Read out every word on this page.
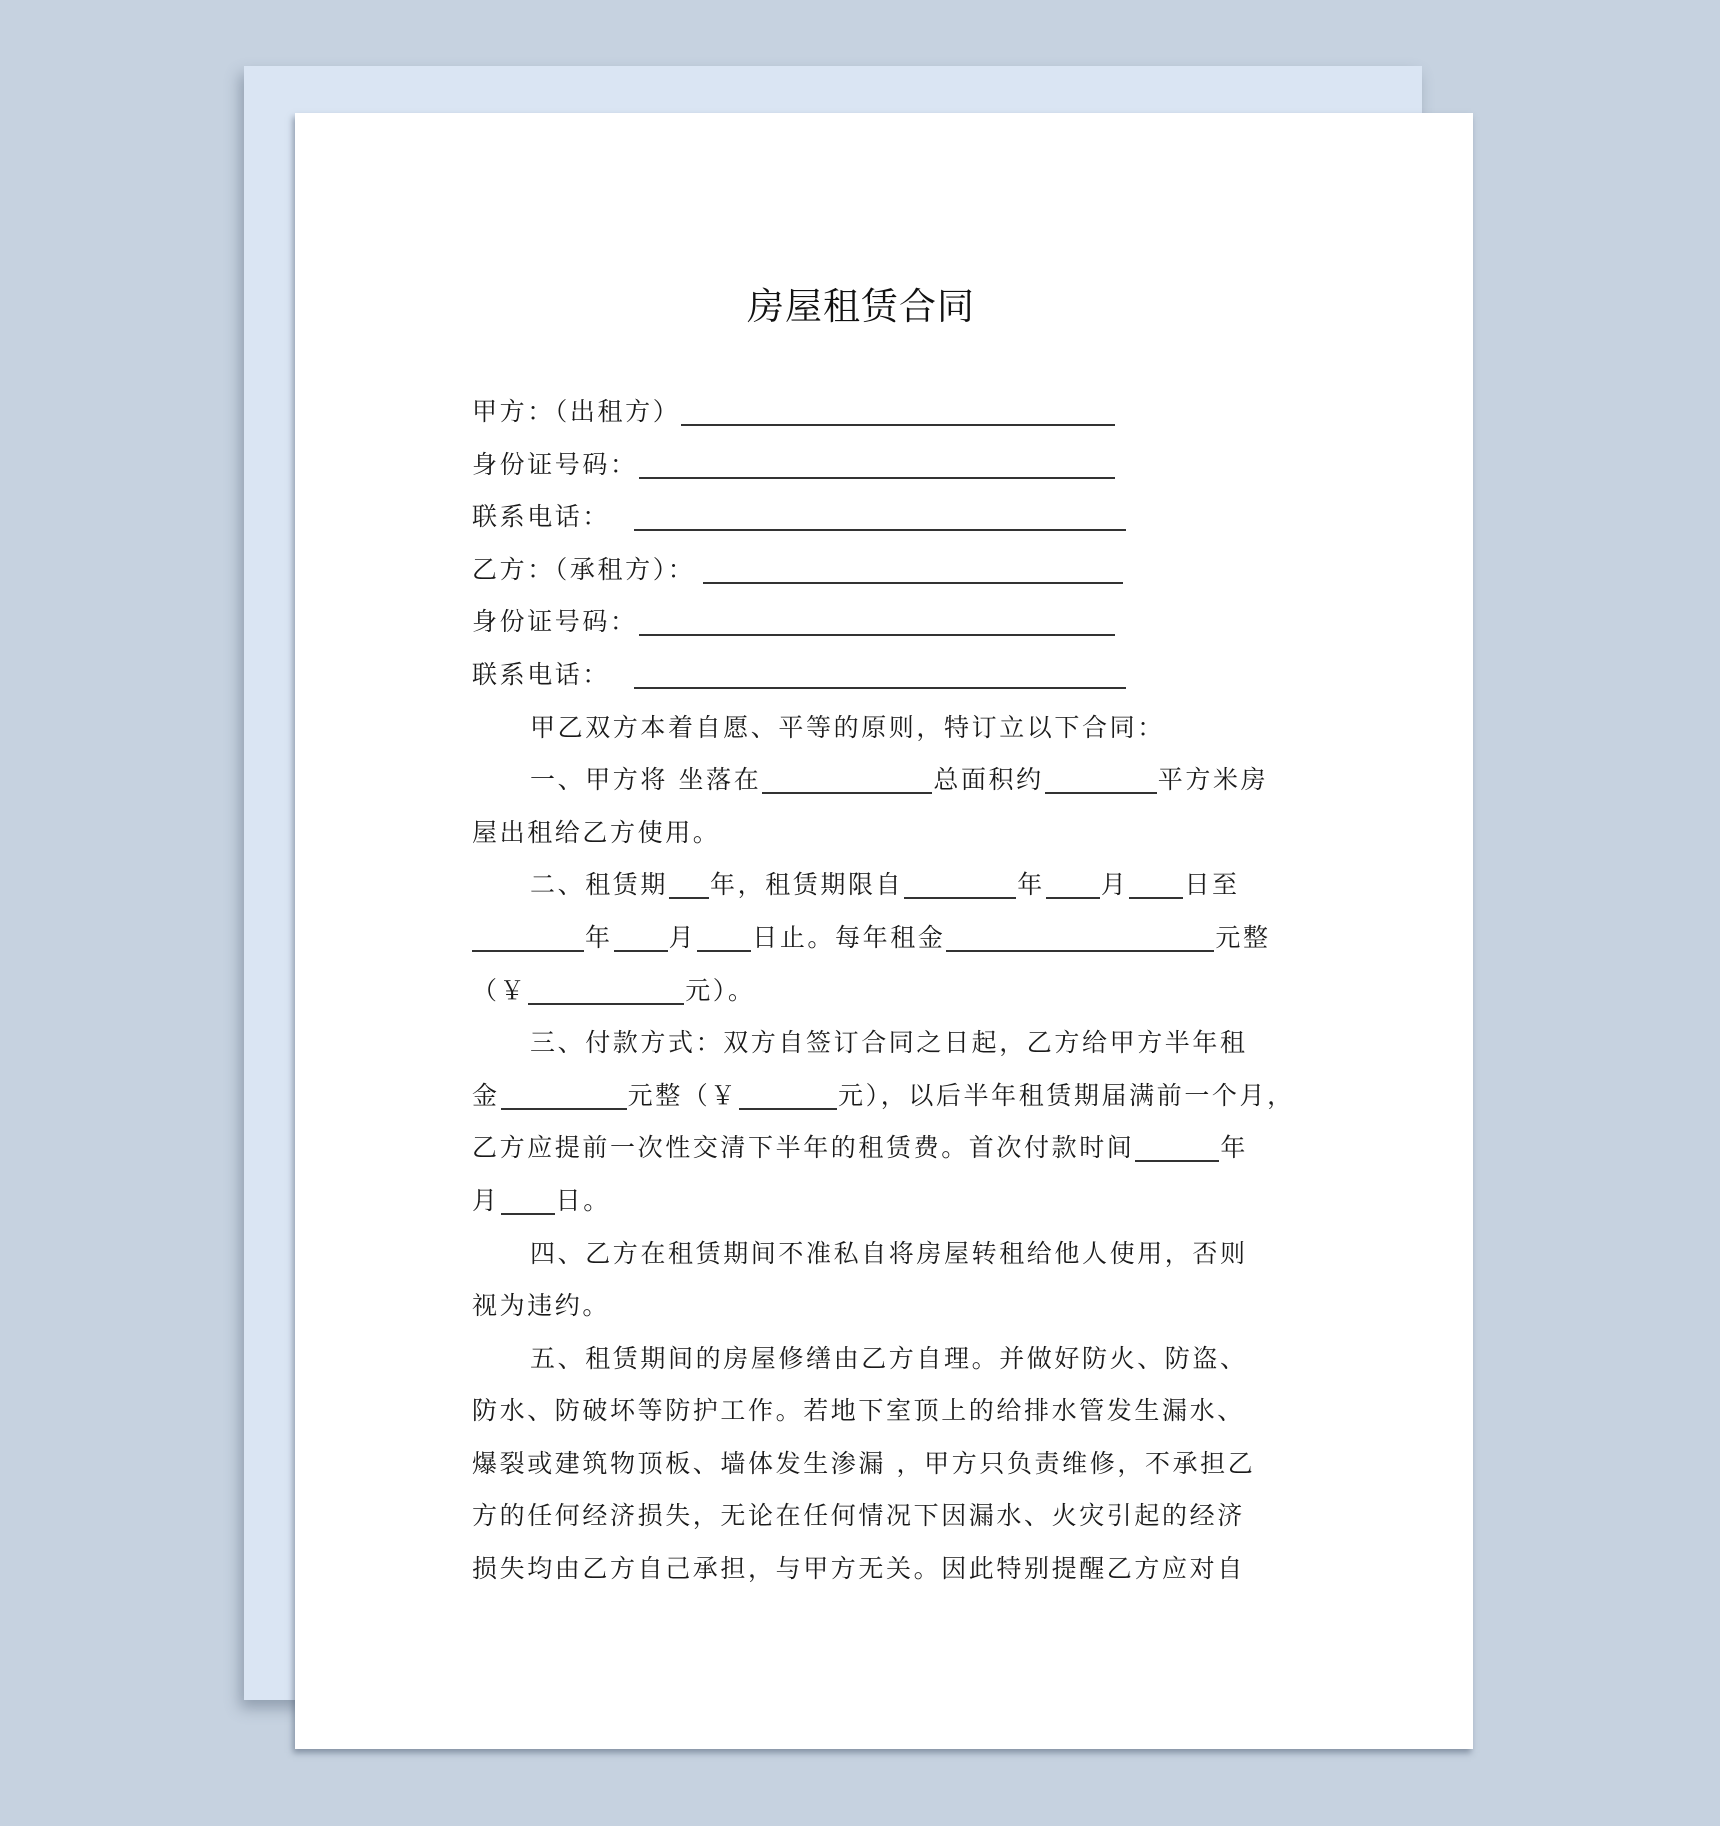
房屋租赁合同
甲方：（出租方）
身份证号码：
联系电话：
乙方：（承租方）：
身份证号码：
联系电话：
甲乙双方本着自愿、平等的原则，特订立以下合同：
一、甲方将 坐落在	总面积约	平方米房
屋出租给乙方使用。
二、租赁期 年，租赁期限自	年 月 日至
年 月 日止。每年租金	元整
（￥	元）。
三、付款方式：双方自签订合同之日起，乙方给甲方半年租
金	元整（￥	元），以后半年租赁期届满前一个月，
乙方应提前一次性交清下半年的租赁费。首次付款时间	年
月 日。
四、乙方在租赁期间不准私自将房屋转租给他人使用，否则
视为违约。
五、租赁期间的房屋修缮由乙方自理。并做好防火、防盗、
防水、防破坏等防护工作。若地下室顶上的给排水管发生漏水、
爆裂或建筑物顶板、墙体发生渗漏 ，甲方只负责维修，不承担乙
方的任何经济损失，无论在任何情况下因漏水、火灾引起的经济
损失均由乙方自己承担，与甲方无关。因此特别提醒乙方应对自
